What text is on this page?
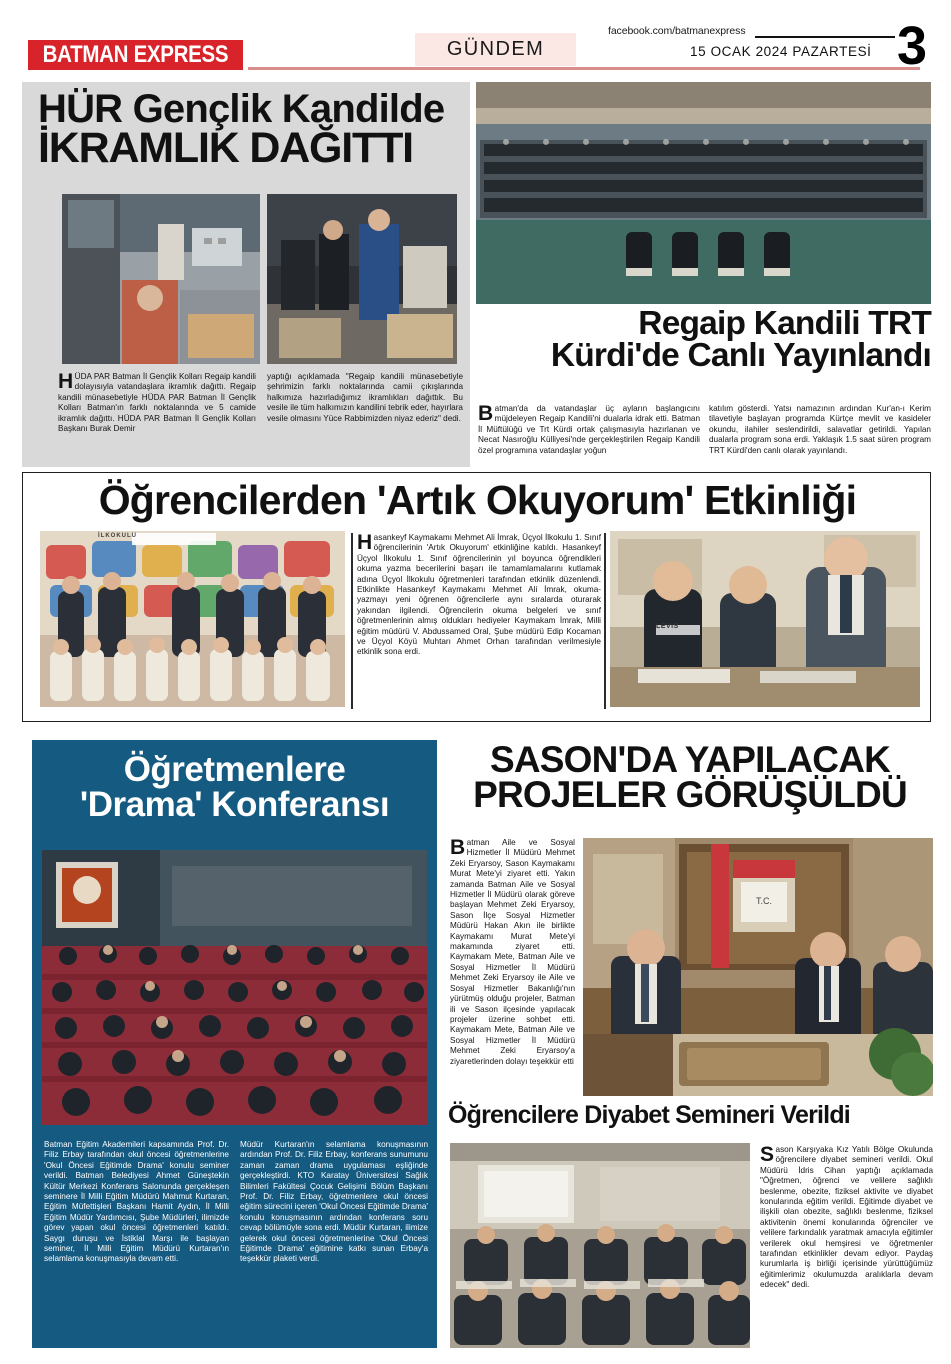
BATMAN EXPRESS	GÜNDEM
facebook.com/batmanexpress
15 OCAK 2024 PAZARTESİ 3
HÜR Gençlik Kandilde
İKRAMLIK DAĞITTI
HÜDA PAR Batman İl Gençlik Kolları Regaip kandili dolayısıyla vatandaşlara ikramlık dağıttı. Regaip kandili münasebetiyle HÜDA PAR Batman İl Gençlik Kolları Batman'ın farklı noktalarında ve 5 camide ikramlık dağıttı. HÜDA PAR Batman İl Gençlik Kolları Başkanı Burak Demir
yaptığı açıklamada "Regaip kandili münasebetiyle şehrimizin farklı noktalarında camii çıkışlarında halkımıza hazırladığımız ikramlıkları dağıttık. Bu vesile ile tüm halkımızın kandilini tebrik eder, hayırlara vesile olmasını Yüce Rabbimizden niyaz ederiz" dedi.
Regaip Kandili TRT
Kürdi'de Canlı Yayınlandı
Batman'da da vatandaşlar üç ayların başlangıcını müjdeleyen Regaip Kandili'ni dualarla idrak etti. Batman İl Müftülüğü ve Trt Kürdi ortak çalışmasıyla hazırlanan ve Necat Nasıroğlu Külliyesi'nde gerçekleştirilen Regaip Kandili özel programına vatandaşlar yoğun
katılım gösterdi. Yatsı namazının ardından Kur'an-ı Kerim tilavetiyle başlayan programda Kürtçe mevlit ve kasideler okundu, ilahiler seslendirildi, salavatlar getirildi. Yapılan dualarla program sona erdi. Yaklaşık 1.5 saat süren program TRT Kürdi'den canlı olarak yayınlandı.
Öğrencilerden 'Artık Okuyorum' Etkinliği
İLKOKULU
LEVIS
Hasankeyf Kaymakamı Mehmet Ali İmrak, Üçyol İlkokulu 1. Sınıf öğrencilerinin 'Artık Okuyorum' etkinliğine katıldı. Hasankeyf Üçyol İlkokulu 1. Sınıf öğrencilerinin yıl boyunca öğrendikleri okuma yazma becerilerini başarı ile tamamlamalarını kutlamak adına Üçyol İlkokulu öğretmenleri tarafından etkinlik düzenlendi. Etkinlikte Hasankeyf Kaymakamı Mehmet Ali İmrak, okuma-yazmayı yeni öğrenen öğrencilerle aynı sıralarda oturarak yakından ilgilendi. Öğrencilerin okuma belgeleri ve sınıf öğretmenlerinin almış oldukları hediyeler Kaymakam İmrak, Milli eğitim müdürü V. Abdussamed Oral, Şube müdürü Edip Kocaman ve Üçyol Köyü Muhtarı Ahmet Orhan tarafından verilmesiyle etkinlik sona erdi.
Öğretmenlere
'Drama' Konferansı
Batman Eğitim Akademileri kapsamında Prof. Dr. Filiz Erbay tarafından okul öncesi öğretmenlerine 'Okul Öncesi Eğitimde Drama' konulu seminer verildi. Batman Belediyesi Ahmet Güneştekin Kültür Merkezi Konferans Salonunda gerçekleşen seminere İl Milli Eğitim Müdürü Mahmut Kurtaran, Eğitim Müfettişleri Başkanı Hamit Aydın, İl Milli Eğitim Müdür Yardımcısı, Şube Müdürleri, ilimizde görev yapan okul öncesi öğretmenleri katıldı. Saygı duruşu ve İstiklal Marşı ile başlayan seminer, İl Milli Eğitim Müdürü Kurtaran'ın selamlama konuşmasıyla devam etti.
Müdür Kurtaran'ın selamlama konuşmasının ardından Prof. Dr. Filiz Erbay, konferans sunumunu zaman zaman drama uygulaması eşliğinde gerçekleştirdi. KTO Karatay Üniversitesi Sağlık Bilimleri Fakültesi Çocuk Gelişimi Bölüm Başkanı Prof. Dr. Filiz Erbay, öğretmenlere okul öncesi eğitim sürecini içeren 'Okul Öncesi Eğitimde Drama' konulu konuşmasının ardından konferans soru cevap bölümüyle sona erdi. Müdür Kurtaran, ilimize gelerek okul öncesi öğretmenlerine 'Okul Öncesi Eğitimde Drama' eğitimine katkı sunan Erbay'a teşekkür plaketi verdi.
SASON'DA YAPILACAK
PROJELER GÖRÜŞÜLDÜ
T.C.
Batman Aile ve Sosyal Hizmetler İl Müdürü Mehmet Zeki Eryarsoy, Sason Kaymakamı Murat Mete'yi ziyaret etti. Yakın zamanda Batman Aile ve Sosyal Hizmetler İl Müdürü olarak göreve başlayan Mehmet Zeki Eryarsoy, Sason İlçe Sosyal Hizmetler Müdürü Hakan Akın ile birlikte Kaymakamı Murat Mete'yi makamında ziyaret etti. Kaymakam Mete, Batman Aile ve Sosyal Hizmetler İl Müdürü Mehmet Zeki Eryarsoy ile Aile ve Sosyal Hizmetler Bakanlığı'nın yürütmüş olduğu projeler, Batman ili ve Sason ilçesinde yapılacak projeler üzerine sohbet etti. Kaymakam Mete, Batman Aile ve Sosyal Hizmetler İl Müdürü Mehmet Zeki Eryarsoy'a ziyaretlerinden dolayı teşekkür etti
Öğrencilere Diyabet Semineri Verildi
Sason Karşıyaka Kız Yatılı Bölge Okulunda öğrencilere diyabet semineri verildi. Okul Müdürü İdris Cihan yaptığı açıklamada "Öğretmen, öğrenci ve velilere sağlıklı beslenme, obezite, fiziksel aktivite ve diyabet konularında eğitim verildi. Eğitimde diyabet ve ilişkili olan obezite, sağlıklı beslenme, fiziksel aktivitenin önemi konularında öğrenciler ve velilere farkındalık yaratmak amacıyla eğitimler verilerek okul hemşiresi ve öğretmenler tarafından etkinlikler devam ediyor. Paydaş kurumlarla iş birliği içerisinde yürüttüğümüz eğitimlerimiz okulumuzda aralıklarla devam edecek" dedi.
